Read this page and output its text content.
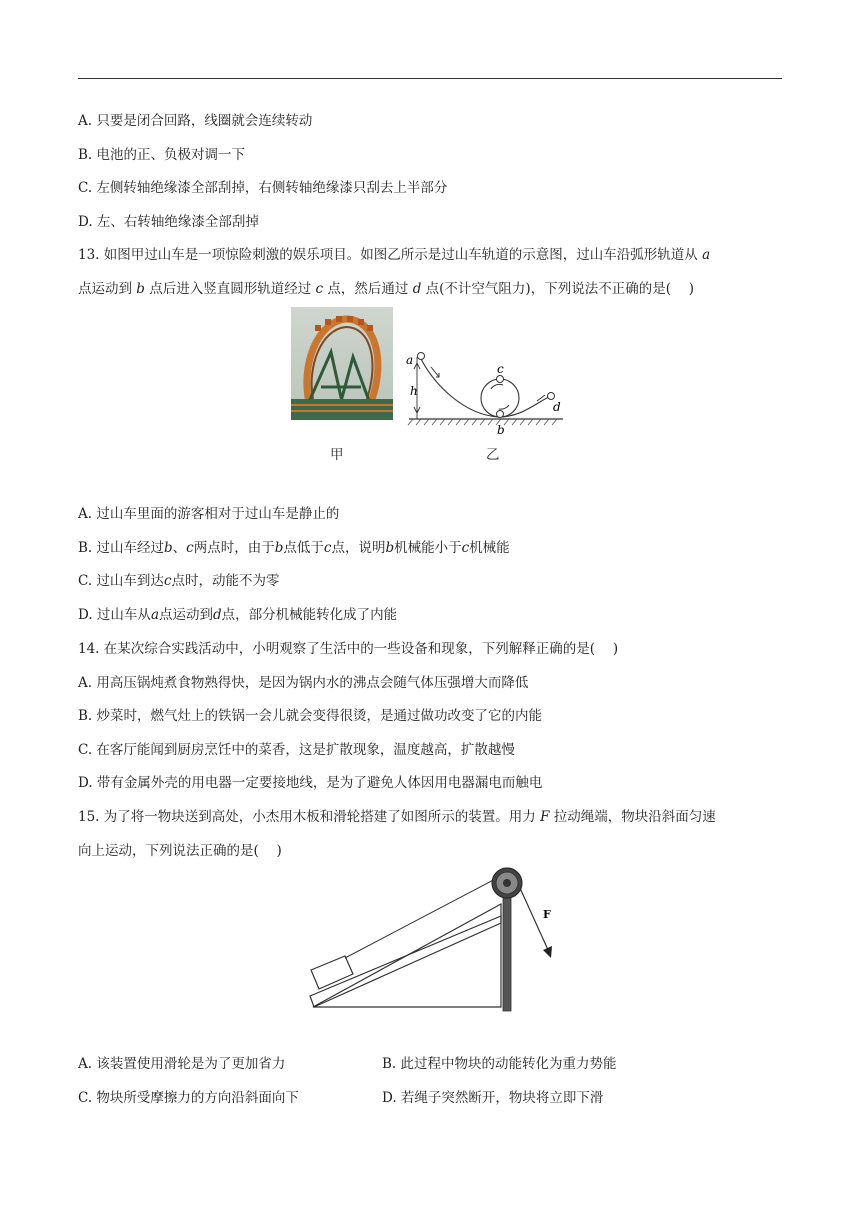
A. 只要是闭合回路，线圈就会连续转动
B. 电池的正、负极对调一下
C. 左侧转轴绝缘漆全部刮掉，右侧转轴绝缘漆只刮去上半部分
D. 左、右转轴绝缘漆全部刮掉
13. 如图甲过山车是一项惊险刺激的娱乐项目。如图乙所示是过山车轨道的示意图，过山车沿弧形轨道从 a
点运动到 b 点后进入竖直圆形轨道经过 c 点，然后通过 d 点(不计空气阻力)，下列说法不正确的是(　 )
a
h
c
b
d
甲	乙
A. 过山车里面的游客相对于过山车是静止的
B. 过山车经过b、c两点时，由于b点低于c点，说明b机械能小于c机械能
C. 过山车到达c点时，动能不为零
D. 过山车从a点运动到d点，部分机械能转化成了内能
14. 在某次综合实践活动中，小明观察了生活中的一些设备和现象，下列解释正确的是(　 )
A. 用高压锅炖煮食物熟得快，是因为锅内水的沸点会随气体压强增大而降低
B. 炒菜时，燃气灶上的铁锅一会儿就会变得很烫，是通过做功改变了它的内能
C. 在客厅能闻到厨房烹饪中的菜香，这是扩散现象，温度越高，扩散越慢
D. 带有金属外壳的用电器一定要接地线，是为了避免人体因用电器漏电而触电
15. 为了将一物块送到高处，小杰用木板和滑轮搭建了如图所示的装置。用力 F 拉动绳端，物块沿斜面匀速
向上运动，下列说法正确的是(　 )
F
A. 该装置使用滑轮是为了更加省力	B. 此过程中物块的动能转化为重力势能
C. 物块所受摩擦力的方向沿斜面向下	D. 若绳子突然断开，物块将立即下滑
